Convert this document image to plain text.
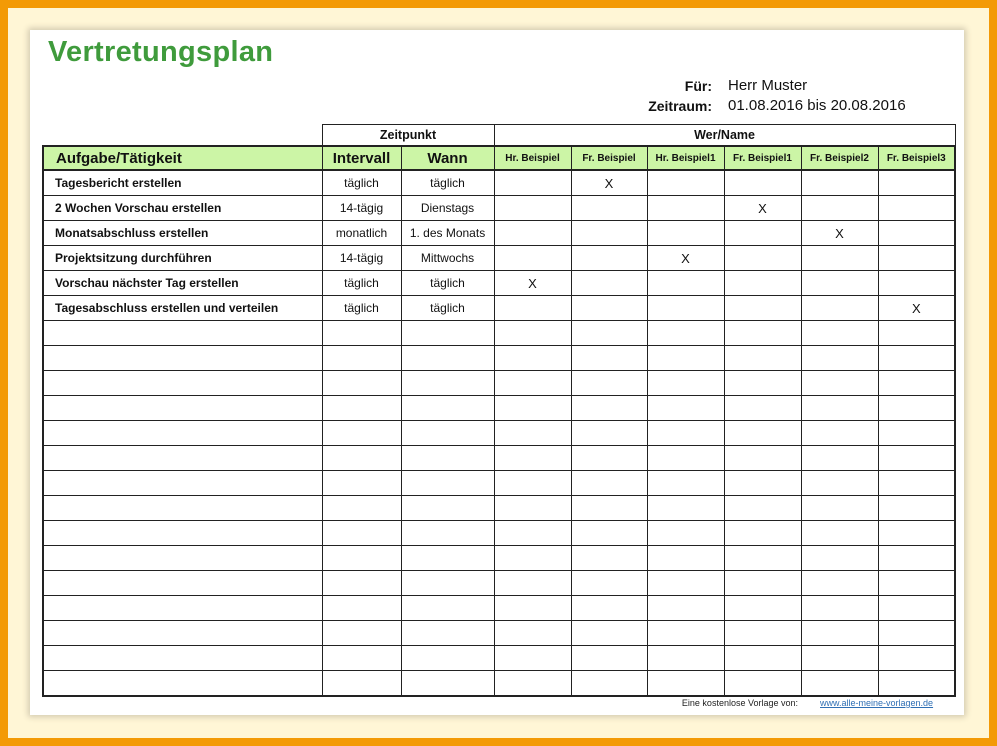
Vertretungsplan
Für: Herr Muster
Zeitraum: 01.08.2016 bis 20.08.2016
	Zeitpunkt		Wer/Name					
Aufgabe/Tätigkeit	Intervall	Wann	Hr. Beispiel	Fr. Beispiel	Hr. Beispiel1	Fr. Beispiel1	Fr. Beispiel2	Fr. Beispiel3
Tagesbericht erstellen	täglich	täglich		X				
2 Wochen Vorschau erstellen	14-tägig	Dienstags				X		
Monatsabschluss erstellen	monatlich	1. des Monats					X	
Projektsitzung durchführen	14-tägig	Mittwochs			X			
Vorschau nächster Tag erstellen	täglich	täglich	X					
Tagesabschluss erstellen und verteilen	täglich	täglich						X

Eine kostenlose Vorlage von: www.alle-meine-vorlagen.de
